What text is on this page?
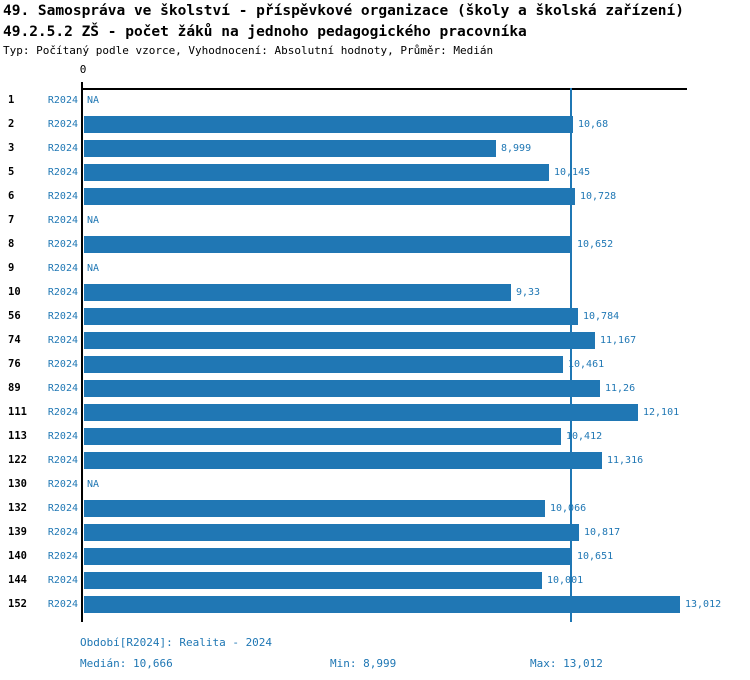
49. Samospráva ve školství - příspěvkové organizace (školy a školská zařízení)
49.2.5.2 ZŠ - počet žáků na jednoho pedagogického pracovníka
Typ: Počítaný podle vzorce, Vyhodnocení: Absolutní hodnoty, Průměr: Medián
0
1	R2024 NA
2	R2024	10,68
3	R2024	8,999
5	R2024	10,145
6	R2024	10,728
7	R2024 NA
8	R2024	10,652
9	R2024 NA
10	R2024	9,33
56	R2024	10,784
74	R2024	11,167
76	R2024	10,461
89	R2024	11,26
111	R2024	12,101
113	R2024	10,412
122	R2024	11,316
130	R2024 NA
132	R2024	10,066
139	R2024	10,817
140	R2024	10,651
144	R2024	10,001
152	R2024	13,012
Období[R2024]: Realita - 2024
Medián: 10,666	Min: 8,999	Max: 13,012
